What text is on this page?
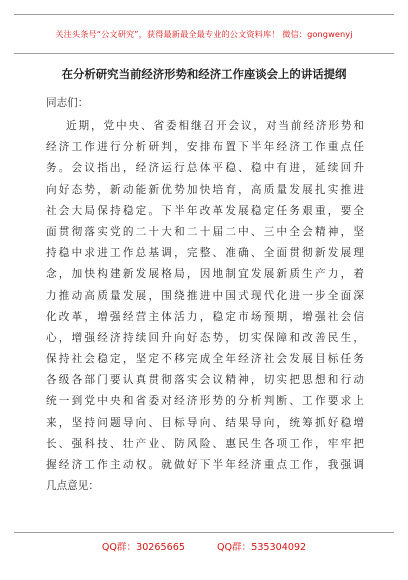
关注头条号“公文研究”，获得最新最全最专业的公文资料库！ 微信：gongwenyj
在分析研究当前经济形势和经济工作座谈会上的讲话提纲
同志们：
近期，党中央、省委相继召开会议，对当前经济形势和
经济工作进行分析研判，安排布置下半年经济工作重点任
务。会议指出，经济运行总体平稳、稳中有进，延续回升
向好态势，新动能新优势加快培育，高质量发展扎实推进
社会大局保持稳定。下半年改革发展稳定任务艰重，要全
面贯彻落实党的二十大和二十届二中、三中全会精神，坚
持稳中求进工作总基调，完整、准确、全面贯彻新发展理
念，加快构建新发展格局，因地制宜发展新质生产力，着
力推动高质量发展，围绕推进中国式现代化进一步全面深
化改革，增强经营主体活力，稳定市场预期，增强社会信
心，增强经济持续回升向好态势，切实保障和改善民生，
保持社会稳定，坚定不移完成全年经济社会发展目标任务
各级各部门要认真贯彻落实会议精神，切实把思想和行动
统一到党中央和省委对经济形势的分析判断、工作要求上
来，坚持问题导向、目标导向、结果导向，统筹抓好稳增
长、强科技、壮产业、防风险、惠民生各项工作，牢牢把
握经济工作主动权。就做好下半年经济重点工作，我强调
几点意见：
QQ群：30265665	QQ群：535304092
